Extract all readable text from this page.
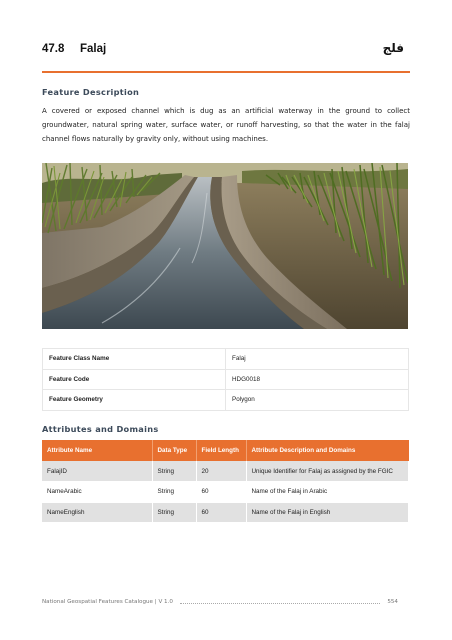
47.8 Falaj	فلج
Feature Description

A covered or exposed channel which is dug as an artificial waterway in the ground to collect groundwater, natural spring water, surface water, or runoff harvesting, so that the water in the falaj channel flows naturally by gravity only, without using machines.

Feature Class Name	Falaj
Feature Code	HDG0018
Feature Geometry	Polygon
Attributes and Domains
Attribute Name	Data Type	Field Length	Attribute Description and Domains
FalajID	String	20	Unique Identifier for Falaj as assigned by the FGIC
NameArabic	String	60	Name of the Falaj in Arabic
NameEnglish	String	60	Name of the Falaj in English
National Geospatial Features Catalogue | V 1.0	554
